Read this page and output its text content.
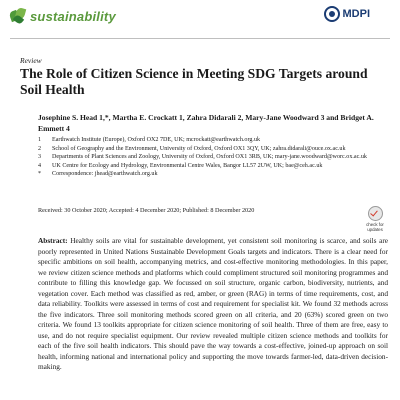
sustainability	MDPI
Review
The Role of Citizen Science in Meeting SDG Targets around Soil Health

Josephine S. Head 1,*, Martha E. Crockatt 1, Zahra Didarali 2, Mary-Jane Woodward 3 and Bridget A. Emmett 4

1 Earthwatch Institute (Europe), Oxford OX2 7DE, UK; mcrockatt@earthwatch.org.uk
2 School of Geography and the Environment, University of Oxford, Oxford OX1 3QY, UK; zahra.didarali@ouce.ox.ac.uk
3 Departments of Plant Sciences and Zoology, University of Oxford, Oxford OX1 3RB, UK; mary-jane.woodward@worc.ox.ac.uk
4 UK Centre for Ecology and Hydrology, Environmental Centre Wales, Bangor LL57 2UW, UK; bae@ceh.ac.uk
* Correspondence: jhead@earthwatch.org.uk
Received: 30 October 2020; Accepted: 4 December 2020; Published: 8 December 2020
check for updates

Abstract: Healthy soils are vital for sustainable development, yet consistent soil monitoring is scarce, and soils are poorly represented in United Nations Sustainable Development Goals targets and indicators. There is a clear need for specific ambitions on soil health, accompanying metrics, and cost-effective monitoring methodologies. In this paper, we review citizen science methods and platforms which could compliment structured soil monitoring programmes and contribute to filling this knowledge gap. We focussed on soil structure, organic carbon, biodiversity, nutrients, and vegetation cover. Each method was classified as red, amber, or green (RAG) in terms of time requirements, cost, and data reliability. Toolkits were assessed in terms of cost and requirement for specialist kit. We found 32 methods across the five indicators. Three soil monitoring methods scored green on all criteria, and 20 (63%) scored green on two criteria. We found 13 toolkits appropriate for citizen science monitoring of soil health. Three of them are free, easy to use, and do not require specialist equipment. Our review revealed multiple citizen science methods and toolkits for each of the five soil health indicators. This should pave the way towards a cost-effective, joined-up approach on soil health, informing national and international policy and supporting the move towards farmer-led, data-driven decision-making.
